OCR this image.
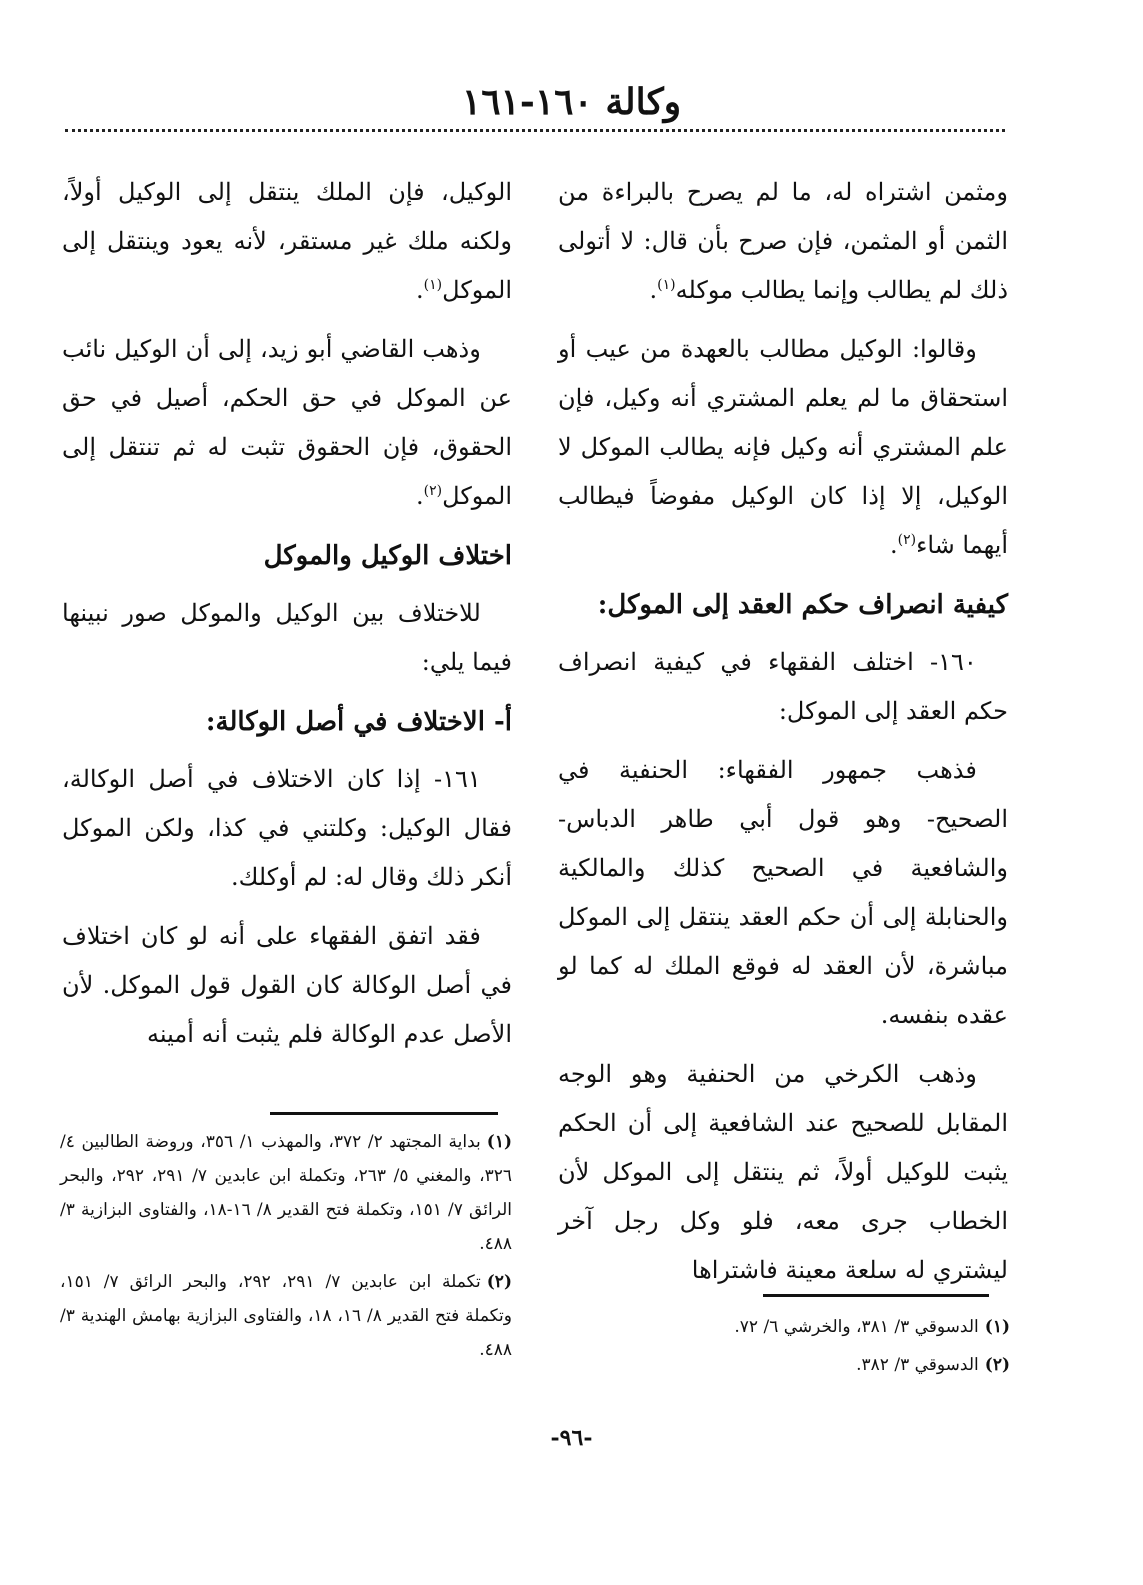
وكالة ١٦٠-١٦١

ومثمن اشتراه له، ما لم يصرح بالبراءة من الثمن أو المثمن، فإن صرح بأن قال: لا أتولى ذلك لم يطالب وإنما يطالب موكله$^{(١)}$.

وقالوا: الوكيل مطالب بالعهدة من عيب أو استحقاق ما لم يعلم المشتري أنه وكيل، فإن علم المشتري أنه وكيل فإنه يطالب الموكل لا الوكيل، إلا إذا كان الوكيل مفوضاً فيطالب أيهما شاء$^{(٢)}$.

كيفية انصراف حكم العقد إلى الموكل:

١٦٠- اختلف الفقهاء في كيفية انصراف حكم العقد إلى الموكل:

فذهب جمهور الفقهاء: الحنفية في الصحيح- وهو قول أبي طاهر الدباس- والشافعية في الصحيح كذلك والمالكية والحنابلة إلى أن حكم العقد ينتقل إلى الموكل مباشرة، لأن العقد له فوقع الملك له كما لو عقده بنفسه.

وذهب الكرخي من الحنفية وهو الوجه المقابل للصحيح عند الشافعية إلى أن الحكم يثبت للوكيل أولاً، ثم ينتقل إلى الموكل لأن الخطاب جرى معه، فلو وكل رجل آخر ليشتري له سلعة معينة فاشتراها

الوكيل، فإن الملك ينتقل إلى الوكيل أولاً، ولكنه ملك غير مستقر، لأنه يعود وينتقل إلى الموكل$^{(١)}$.

وذهب القاضي أبو زيد، إلى أن الوكيل نائب عن الموكل في حق الحكم، أصيل في حق الحقوق، فإن الحقوق تثبت له ثم تنتقل إلى الموكل$^{(٢)}$.

اختلاف الوكيل والموكل

للاختلاف بين الوكيل والموكل صور نبينها فيما يلي:

أ- الاختلاف في أصل الوكالة:

١٦١- إذا كان الاختلاف في أصل الوكالة، فقال الوكيل: وكلتني في كذا، ولكن الموكل أنكر ذلك وقال له: لم أوكلك.

فقد اتفق الفقهاء على أنه لو كان اختلاف في أصل الوكالة كان القول قول الموكل. لأن الأصل عدم الوكالة فلم يثبت أنه أمينه

(١)بداية المجتهد ٢/ ٣٧٢، والمهذب ١/ ٣٥٦، وروضة الطالبين ٤/ ٣٢٦، والمغني ٥/ ٢٦٣، وتكملة ابن عابدين ٧/ ٢٩١، ٢٩٢، والبحر الرائق ٧/ ١٥١، وتكملة فتح القدير ٨/ ١٦-١٨، والفتاوى البزازية ٣/ ٤٨٨.
(٢)تكملة ابن عابدين ٧/ ٢٩١، ٢٩٢، والبحر الرائق ٧/ ١٥١، وتكملة فتح القدير ٨/ ١٦، ١٨، والفتاوى البزازية بهامش الهندية ٣/ ٤٨٨.
(١)الدسوقي ٣/ ٣٨١، والخرشي ٦/ ٧٢.
(٢)الدسوقي ٣/ ٣٨٢.
-٩٦-
